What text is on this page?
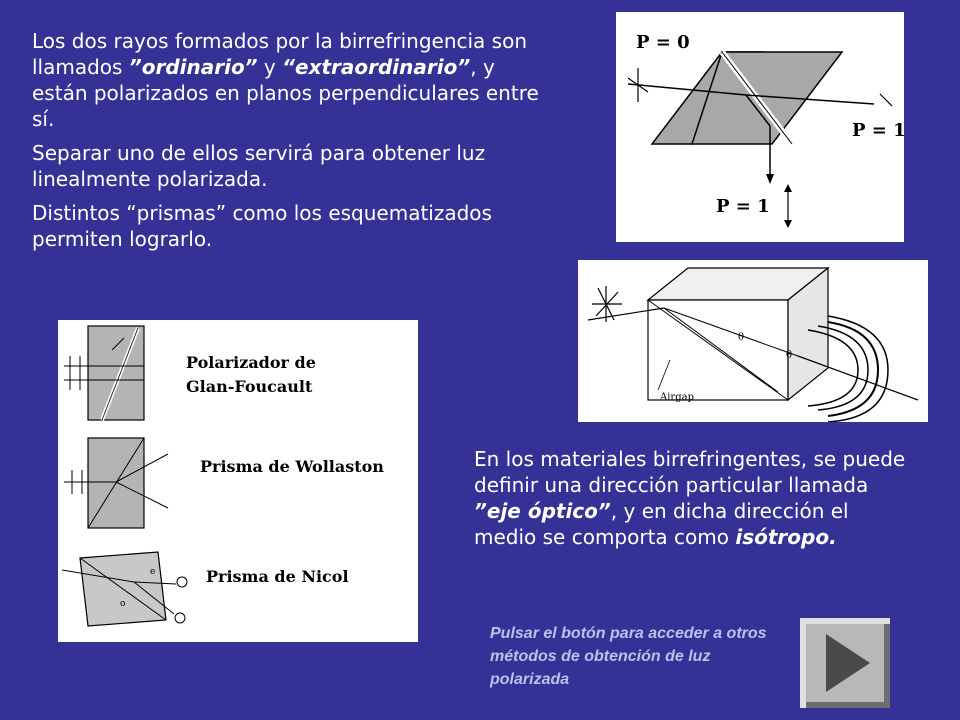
Los dos rayos formados por la birrefringencia son llamados ”ordinario” y “extraordinario”, y están polarizados en planos perpendiculares entre sí.

Separar uno de ellos servirá para obtener luz linealmente polarizada.

Distintos “prismas” como los esquematizados permiten lograrlo.

P = 0
P = 1
P = 1
Airgap
θ
θ
Polarizador de
Glan-Foucault
Prisma de Wollaston
e
o
Prisma de Nicol

En los materiales birrefringentes, se puede definir una dirección particular llamada ”eje óptico”, y en dicha dirección el medio se comporta como isótropo.

Pulsar el botón para acceder a otros métodos de obtención de luz polarizada
